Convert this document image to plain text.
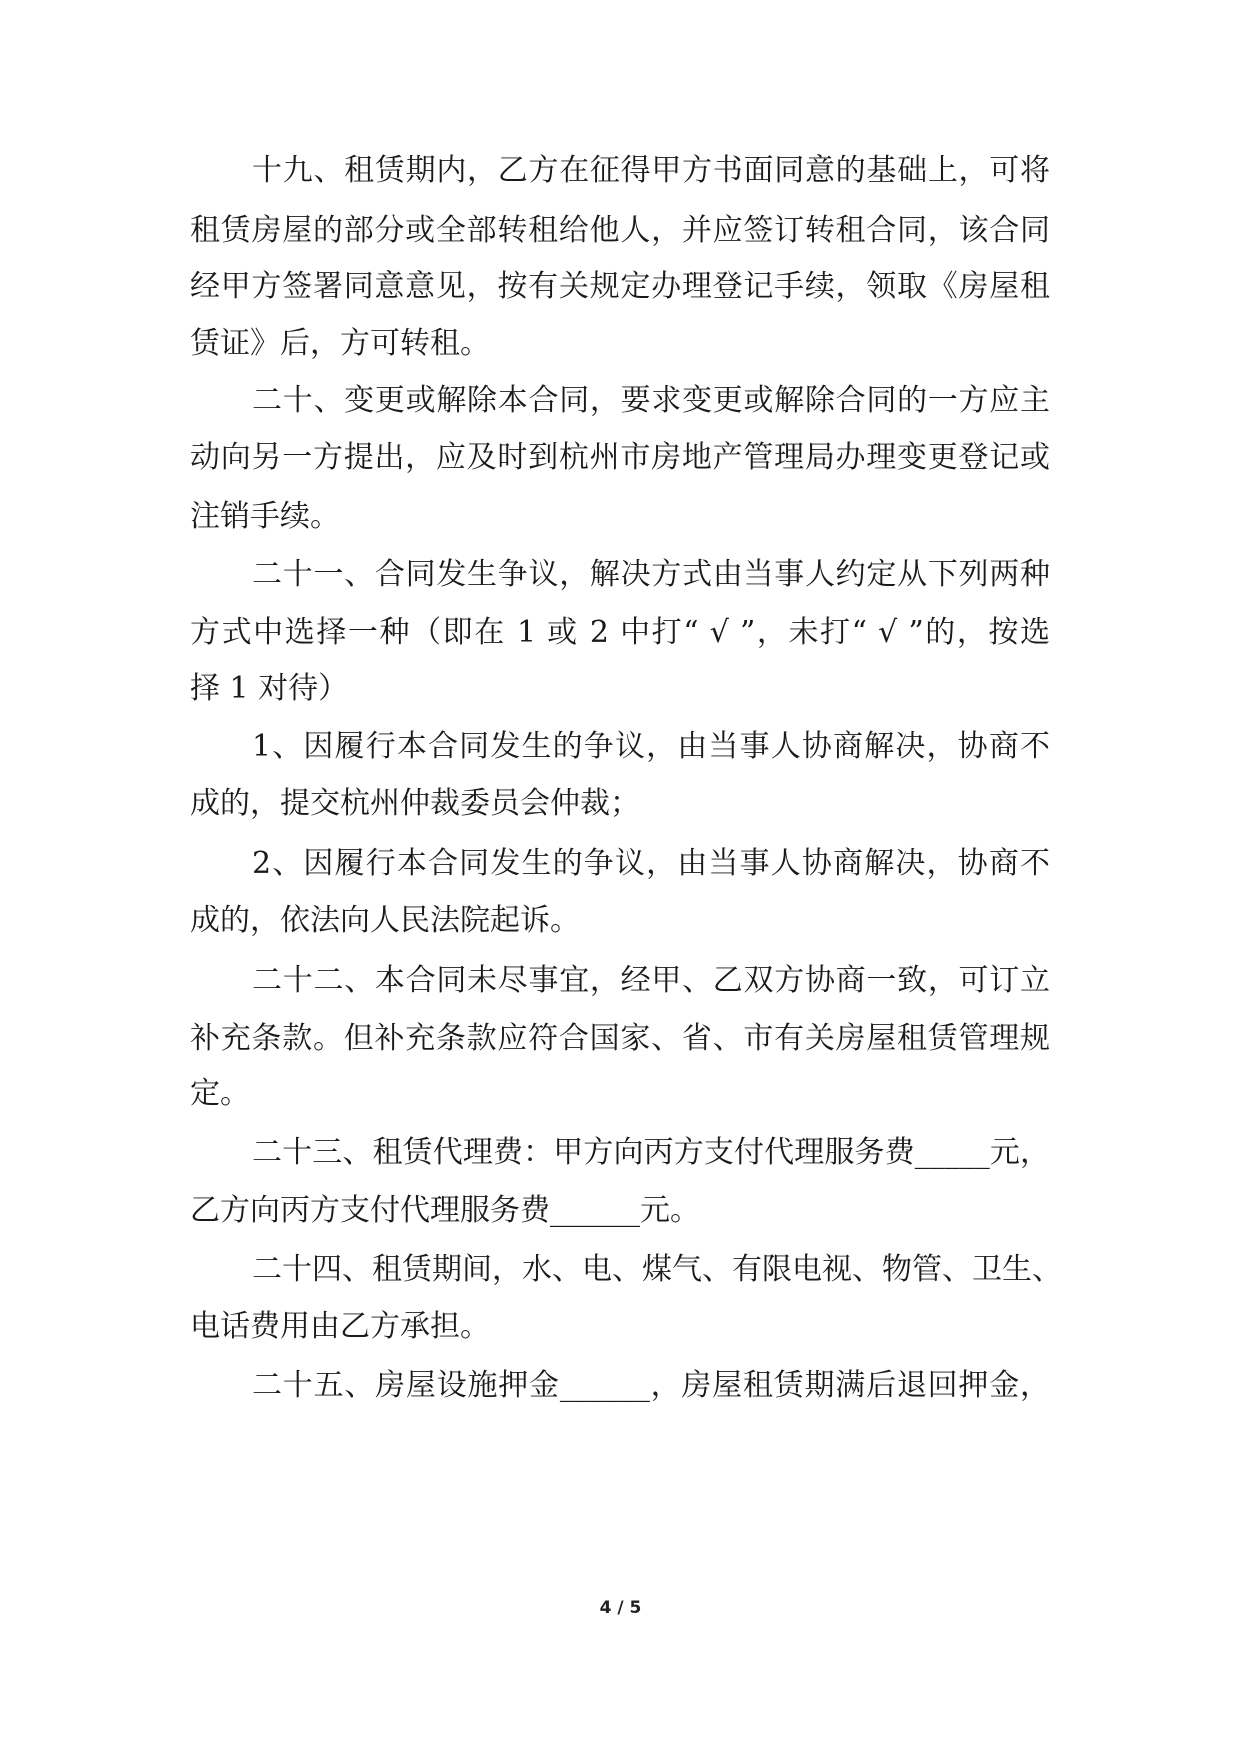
十九、租赁期内，乙方在征得甲方书面同意的基础上，可将

租赁房屋的部分或全部转租给他人，并应签订转租合同，该合同

经甲方签署同意意见，按有关规定办理登记手续，领取《房屋租

赁证》后，方可转租。

二十、变更或解除本合同，要求变更或解除合同的一方应主

动向另一方提出，应及时到杭州市房地产管理局办理变更登记或

注销手续。

二十一、合同发生争议，解决方式由当事人约定从下列两种

方式中选择一种（即在 1 或 2 中打“ √ ”，未打“ √ ”的，按选

择 1 对待）

1、因履行本合同发生的争议，由当事人协商解决，协商不

成的，提交杭州仲裁委员会仲裁；

2、因履行本合同发生的争议，由当事人协商解决，协商不

成的，依法向人民法院起诉。

二十二、本合同未尽事宜，经甲、乙双方协商一致，可订立

补充条款。但补充条款应符合国家、省、市有关房屋租赁管理规

定。

二十三、租赁代理费：甲方向丙方支付代理服务费_____元，

乙方向丙方支付代理服务费______元。

二十四、租赁期间，水、电、煤气、有限电视、物管、卫生、

电话费用由乙方承担。

二十五、房屋设施押金______，房屋租赁期满后退回押金，

4 / 5
